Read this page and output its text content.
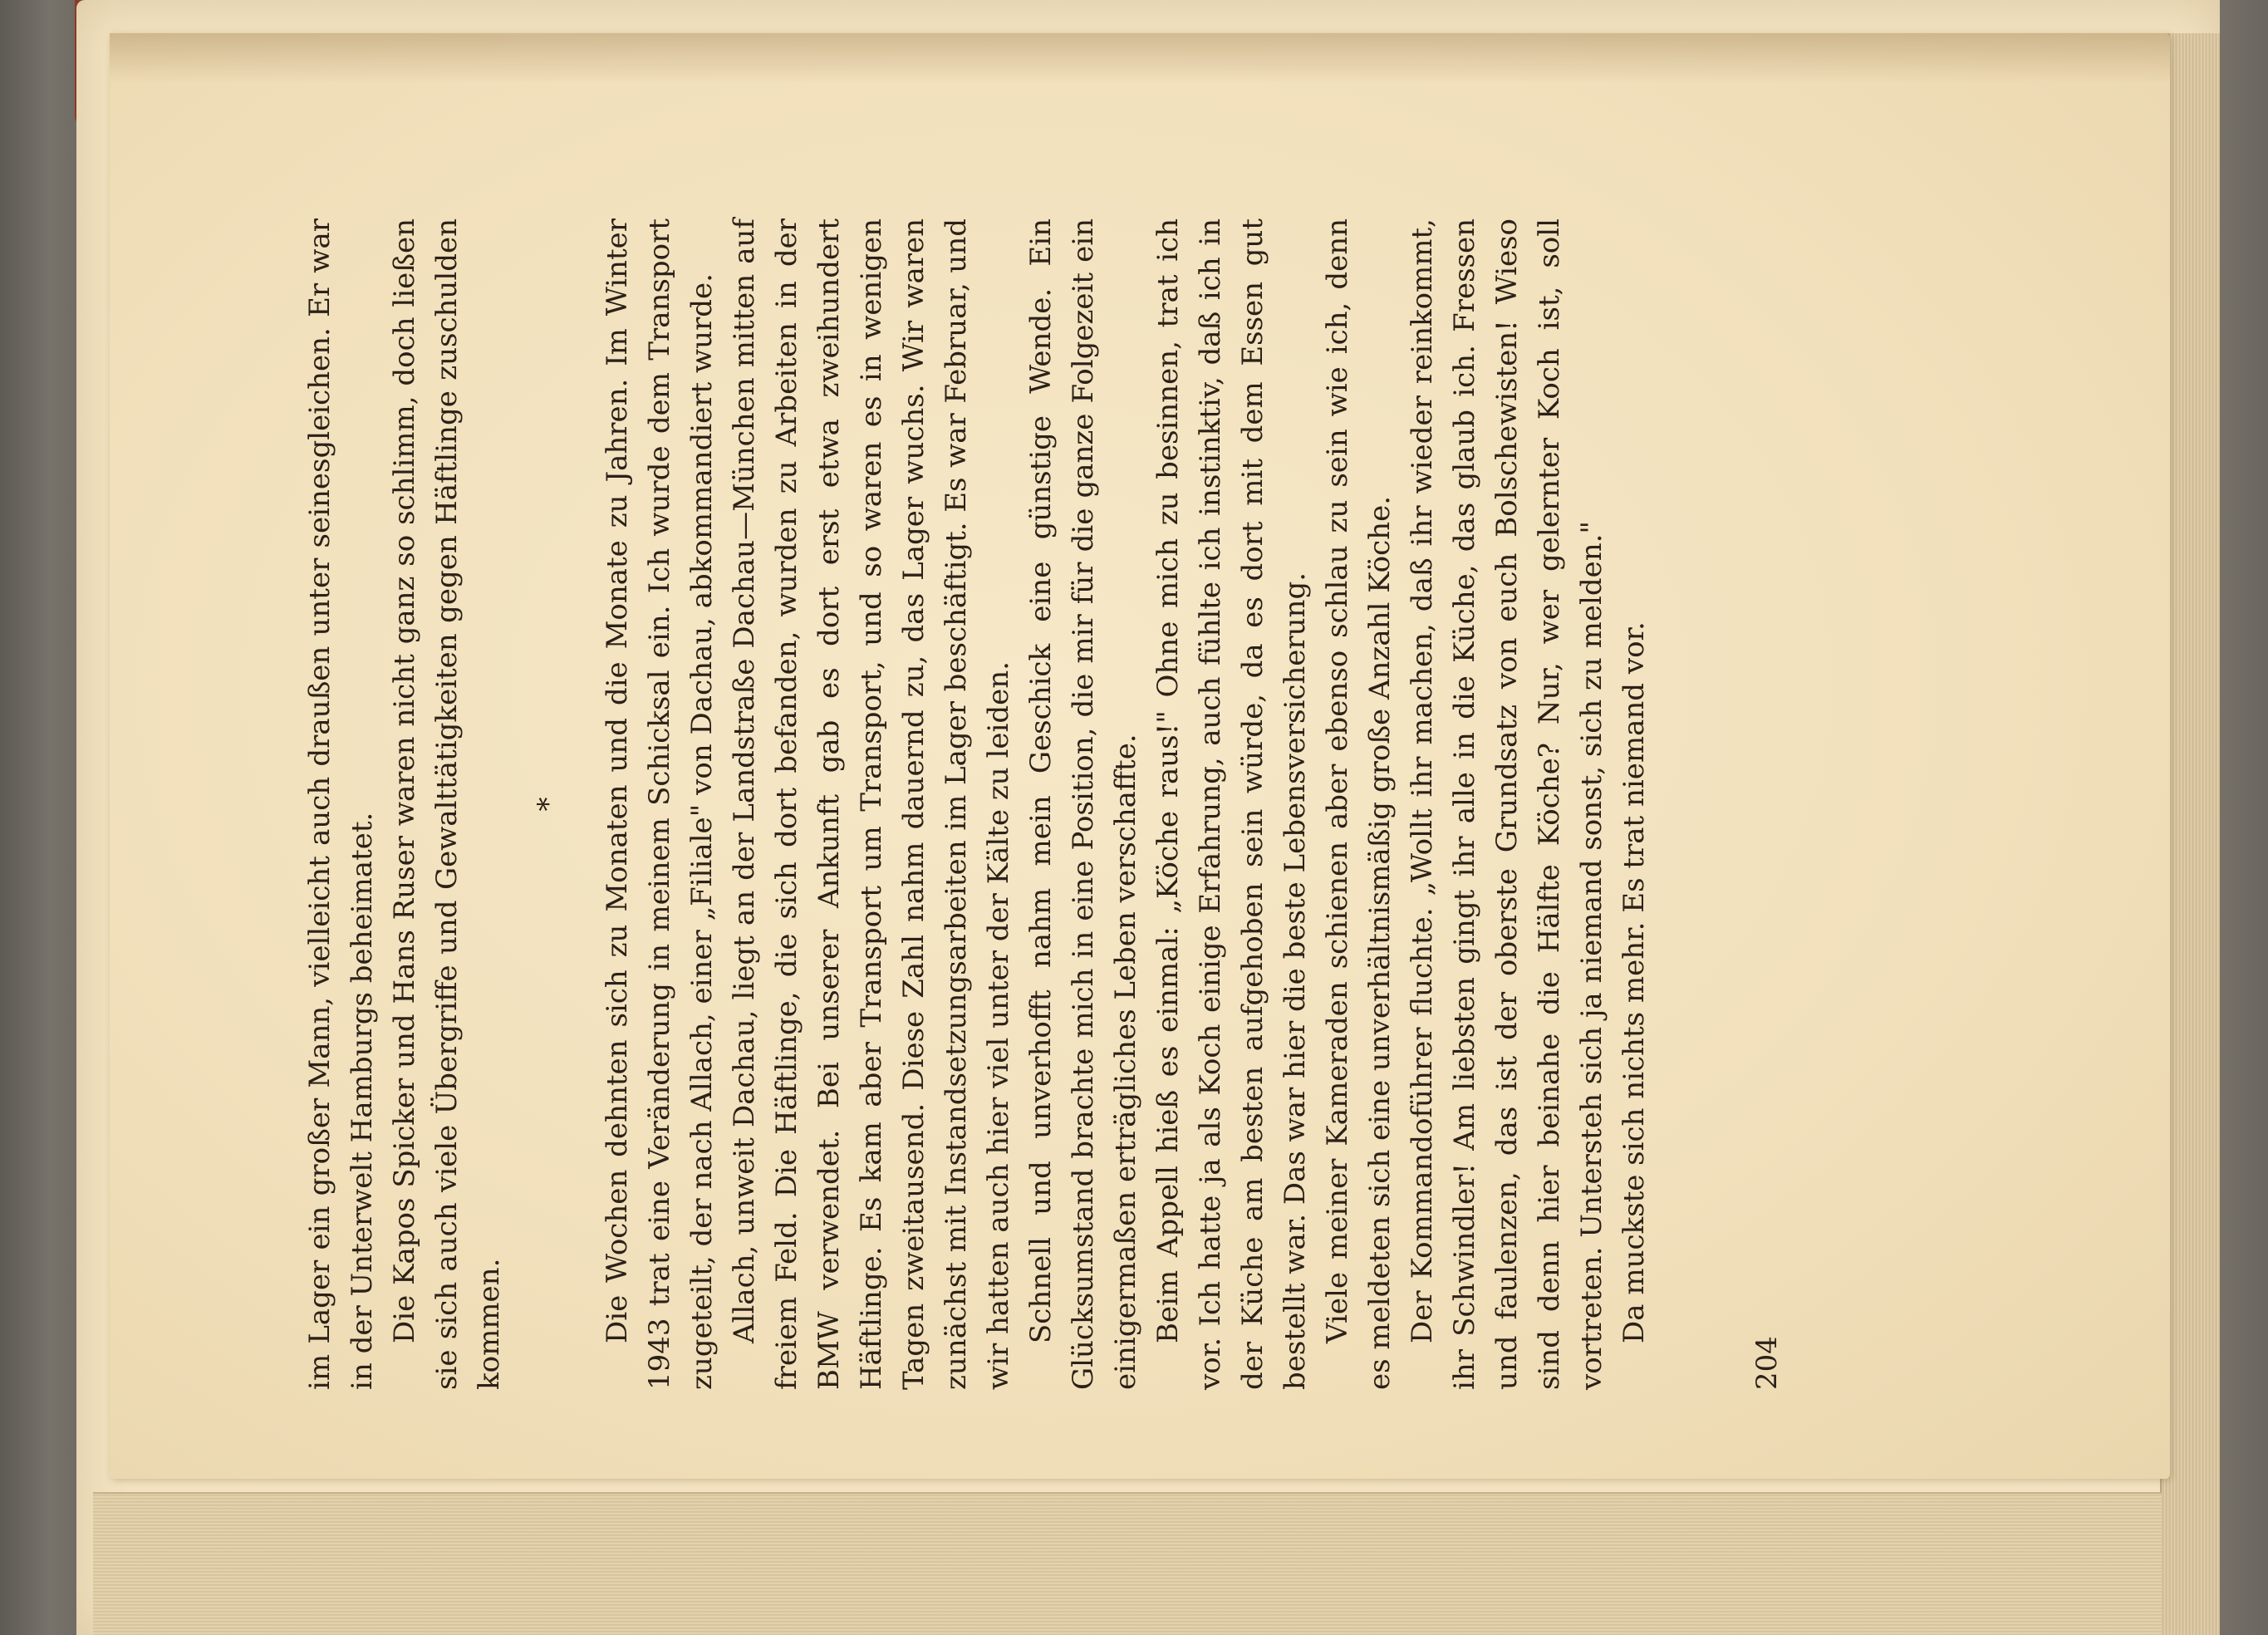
im Lager ein großer Mann, vielleicht auch draußen unter seinesgleichen. Er war in der Unterwelt Hamburgs beheimatet. Die Kapos Spicker und Hans Ruser waren nicht ganz so schlimm, doch ließen sie sich auch viele Übergriffe und Gewalttätigkeiten gegen Häftlinge zuschulden kommen.

* Die Wochen dehnten sich zu Monaten und die Monate zu Jahren. Im Winter 1943 trat eine Veränderung in meinem Schicksal ein. Ich wurde dem Transport zugeteilt, der nach Allach, einer „Filiale" von Dachau, abkommandiert wurde. Allach, unweit Dachau, liegt an der Landstraße Dachau—München mitten auf freiem Feld. Die Häftlinge, die sich dort befanden, wurden zu Arbeiten in der BMW verwendet. Bei unserer Ankunft gab es dort erst etwa zweihundert Häftlinge. Es kam aber Transport um Transport, und so waren es in wenigen Tagen zweitausend. Diese Zahl nahm dauernd zu, das Lager wuchs. Wir waren zunächst mit Instandsetzungsarbeiten im Lager beschäftigt. Es war Februar, und wir hatten auch hier viel unter der Kälte zu leiden. Schnell und unverhofft nahm mein Geschick eine günstige Wende. Ein Glücksumstand brachte mich in eine Position, die mir für die ganze Folgezeit ein einigermaßen erträgliches Leben verschaffte. Beim Appell hieß es einmal: „Köche raus!" Ohne mich zu besinnen, trat ich vor. Ich hatte ja als Koch einige Erfahrung, auch fühlte ich instinktiv, daß ich in der Küche am besten aufgehoben sein würde, da es dort mit dem Essen gut bestellt war. Das war hier die beste Lebensversicherung. Viele meiner Kameraden schienen aber ebenso schlau zu sein wie ich, denn es meldeten sich eine unverhältnismäßig große Anzahl Köche. Der Kommandoführer fluchte. „Wollt ihr machen, daß ihr wieder reinkommt, ihr Schwindler! Am liebsten gingt ihr alle in die Küche, das glaub ich. Fressen und faulenzen, das ist der oberste Grundsatz von euch Bolschewisten! Wieso sind denn hier beinahe die Hälfte Köche? Nur, wer gelernter Koch ist, soll vortreten. Untersteh sich ja niemand sonst, sich zu melden." Da muckste sich nichts mehr. Es trat niemand vor.

204
